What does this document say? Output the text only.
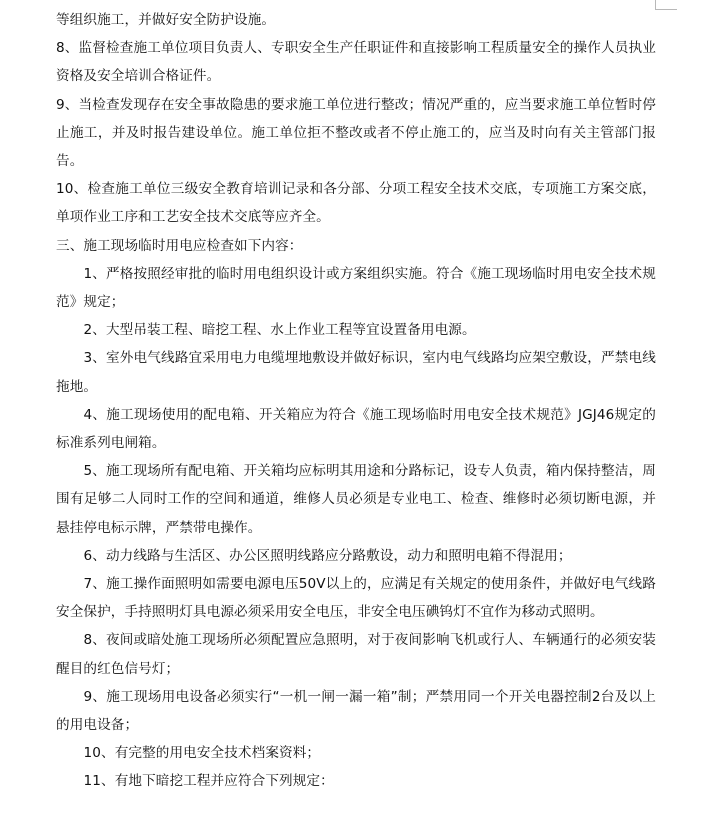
等组织施工，并做好安全防护设施。

8、监督检查施工单位项目负责人、专职安全生产任职证件和直接影响工程质量安全的操作人员执业资格及安全培训合格证件。

9、当检查发现存在安全事故隐患的要求施工单位进行整改；情况严重的，应当要求施工单位暂时停止施工，并及时报告建设单位。施工单位拒不整改或者不停止施工的，应当及时向有关主管部门报告。

10、检查施工单位三级安全教育培训记录和各分部、分项工程安全技术交底，专项施工方案交底，单项作业工序和工艺安全技术交底等应齐全。

三、施工现场临时用电应检查如下内容：

1、严格按照经审批的临时用电组织设计或方案组织实施。符合《施工现场临时用电安全技术规范》规定；

2、大型吊装工程、暗挖工程、水上作业工程等宜设置备用电源。

3、室外电气线路宜采用电力电缆埋地敷设并做好标识，室内电气线路均应架空敷设，严禁电线拖地。

4、施工现场使用的配电箱、开关箱应为符合《施工现场临时用电安全技术规范》JGJ46规定的标准系列电闸箱。

5、施工现场所有配电箱、开关箱均应标明其用途和分路标记，设专人负责，箱内保持整洁，周围有足够二人同时工作的空间和通道，维修人员必须是专业电工、检查、维修时必须切断电源，并悬挂停电标示牌，严禁带电操作。

6、动力线路与生活区、办公区照明线路应分路敷设，动力和照明电箱不得混用；

7、施工操作面照明如需要电源电压50V以上的，应满足有关规定的使用条件，并做好电气线路安全保护，手持照明灯具电源必须采用安全电压，非安全电压碘钨灯不宜作为移动式照明。

8、夜间或暗处施工现场所必须配置应急照明，对于夜间影响飞机或行人、车辆通行的必须安装醒目的红色信号灯；

9、施工现场用电设备必须实行“一机一闸一漏一箱”制；严禁用同一个开关电器控制2台及以上的用电设备；

10、有完整的用电安全技术档案资料；

11、有地下暗挖工程并应符合下列规定：
